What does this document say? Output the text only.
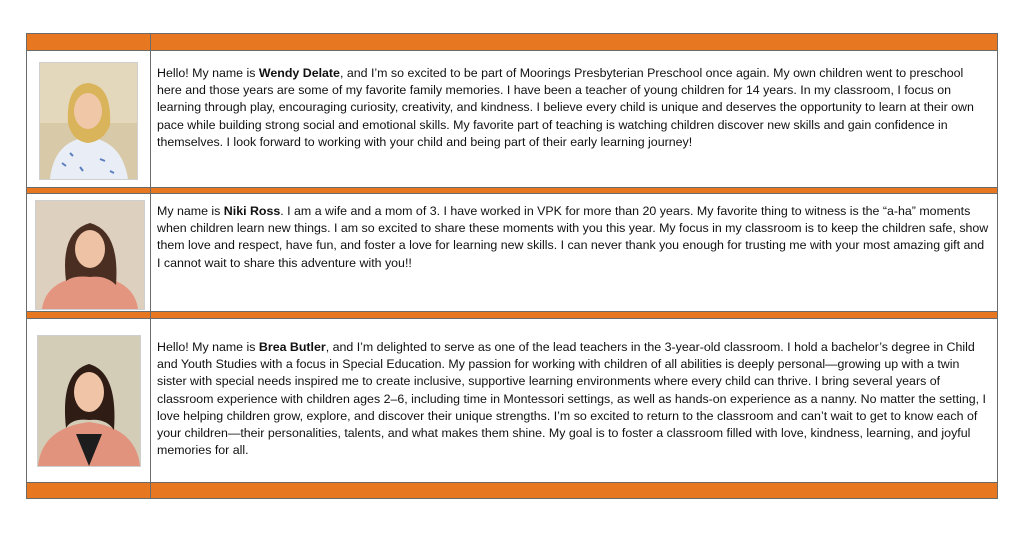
Hello! My name is Wendy Delate, and I’m so excited to be part of Moorings Presbyterian Preschool once again. My own children went to preschool here and those years are some of my favorite family memories. I have been a teacher of young children for 14 years. In my classroom, I focus on learning through play, encouraging curiosity, creativity, and kindness. I believe every child is unique and deserves the opportunity to learn at their own pace while building strong social and emotional skills. My favorite part of teaching is watching children discover new skills and gain confidence in themselves. I look forward to working with your child and being part of their early learning journey!
My name is Niki Ross. I am a wife and a mom of 3. I have worked in VPK for more than 20 years. My favorite thing to witness is the “a-ha” moments when children learn new things. I am so excited to share these moments with you this year. My focus in my classroom is to keep the children safe, show them love and respect, have fun, and foster a love for learning new skills. I can never thank you enough for trusting me with your most amazing gift and I cannot wait to share this adventure with you!!
Hello! My name is Brea Butler, and I’m delighted to serve as one of the lead teachers in the 3-year-old classroom. I hold a bachelor’s degree in Child and Youth Studies with a focus in Special Education. My passion for working with children of all abilities is deeply personal—growing up with a twin sister with special needs inspired me to create inclusive, supportive learning environments where every child can thrive. I bring several years of classroom experience with children ages 2–6, including time in Montessori settings, as well as hands-on experience as a nanny. No matter the setting, I love helping children grow, explore, and discover their unique strengths. I’m so excited to return to the classroom and can’t wait to get to know each of your children—their personalities, talents, and what makes them shine. My goal is to foster a classroom filled with love, kindness, learning, and joyful memories for all.
